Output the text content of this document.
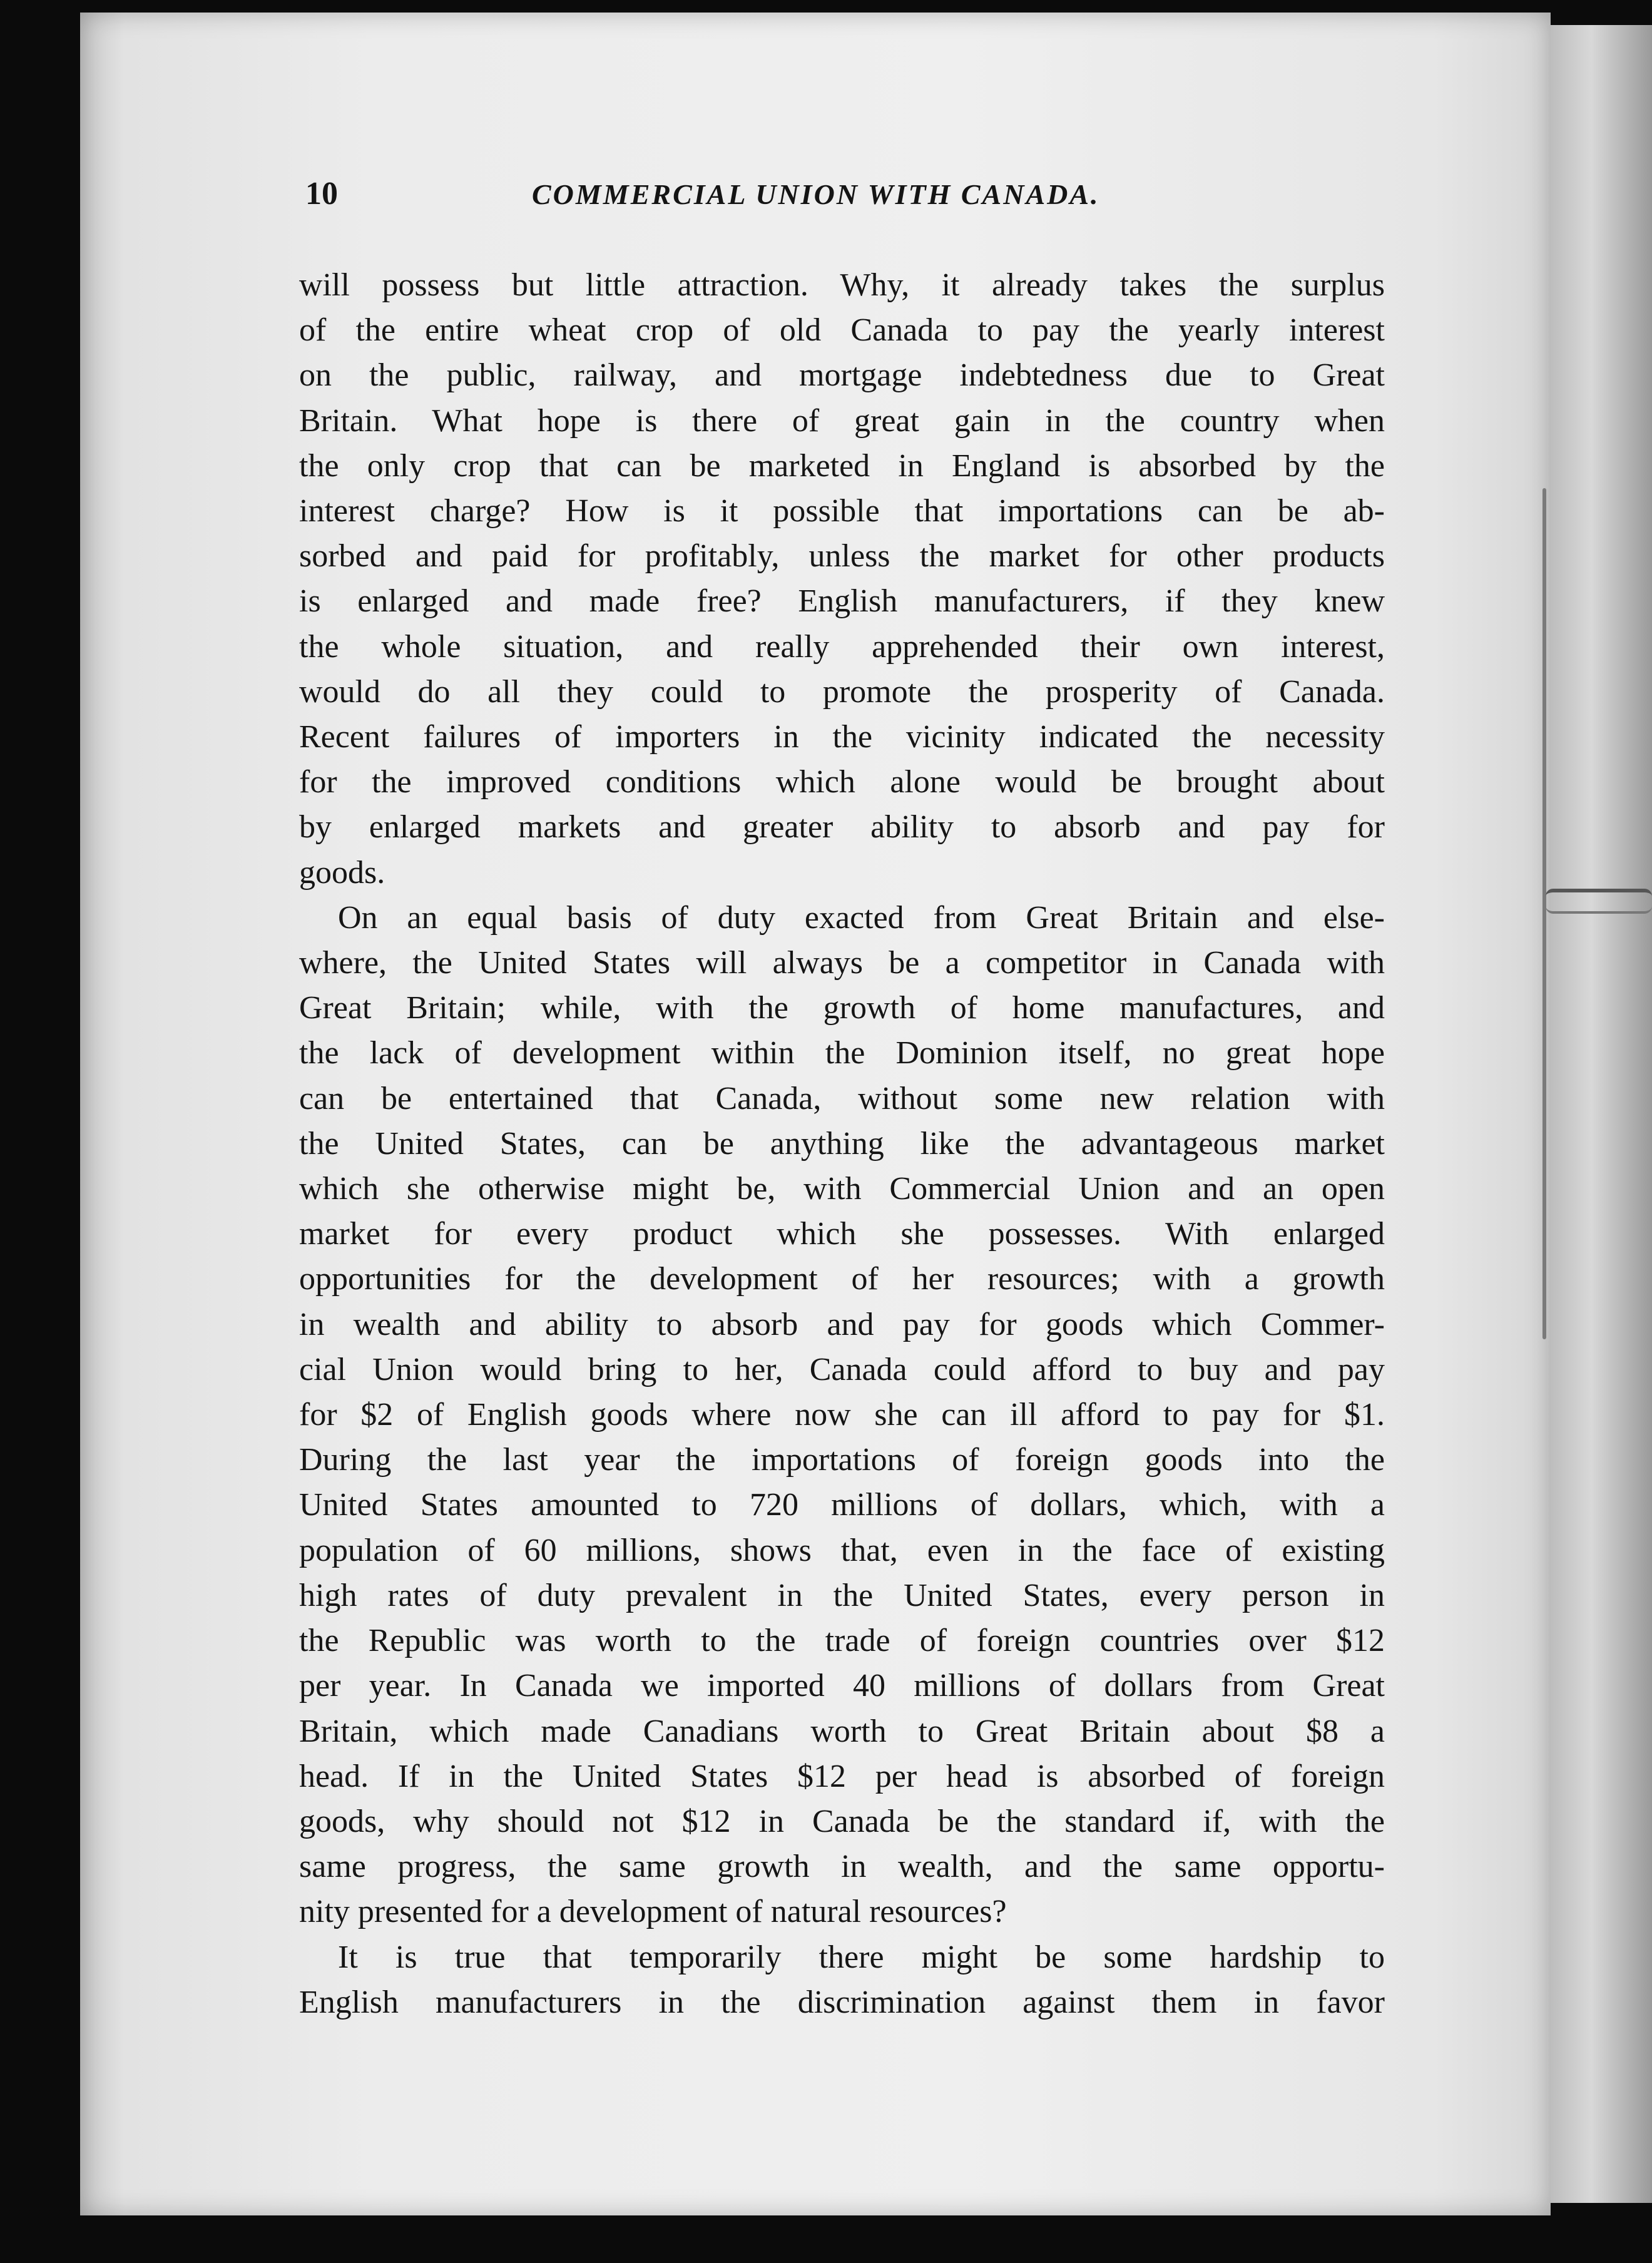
10	COMMERCIAL UNION WITH CANADA.
will possess but little attraction. Why, it already takes the surplus
of the entire wheat crop of old Canada to pay the yearly interest
on the public, railway, and mortgage indebtedness due to Great
Britain. What hope is there of great gain in the country when
the only crop that can be marketed in England is absorbed by the
interest charge? How is it possible that importations can be ab-
sorbed and paid for profitably, unless the market for other products
is enlarged and made free? English manufacturers, if they knew
the whole situation, and really apprehended their own interest,
would do all they could to promote the prosperity of Canada.
Recent failures of importers in the vicinity indicated the necessity
for the improved conditions which alone would be brought about
by enlarged markets and greater ability to absorb and pay for
goods.
On an equal basis of duty exacted from Great Britain and else-
where, the United States will always be a competitor in Canada with
Great Britain; while, with the growth of home manufactures, and
the lack of development within the Dominion itself, no great hope
can be entertained that Canada, without some new relation with
the United States, can be anything like the advantageous market
which she otherwise might be, with Commercial Union and an open
market for every product which she possesses. With enlarged
opportunities for the development of her resources; with a growth
in wealth and ability to absorb and pay for goods which Commer-
cial Union would bring to her, Canada could afford to buy and pay
for $2 of English goods where now she can ill afford to pay for $1.
During the last year the importations of foreign goods into the
United States amounted to 720 millions of dollars, which, with a
population of 60 millions, shows that, even in the face of existing
high rates of duty prevalent in the United States, every person in
the Republic was worth to the trade of foreign countries over $12
per year. In Canada we imported 40 millions of dollars from Great
Britain, which made Canadians worth to Great Britain about $8 a
head. If in the United States $12 per head is absorbed of foreign
goods, why should not $12 in Canada be the standard if, with the
same progress, the same growth in wealth, and the same opportu-
nity presented for a development of natural resources?
It is true that temporarily there might be some hardship to
English manufacturers in the discrimination against them in favor
